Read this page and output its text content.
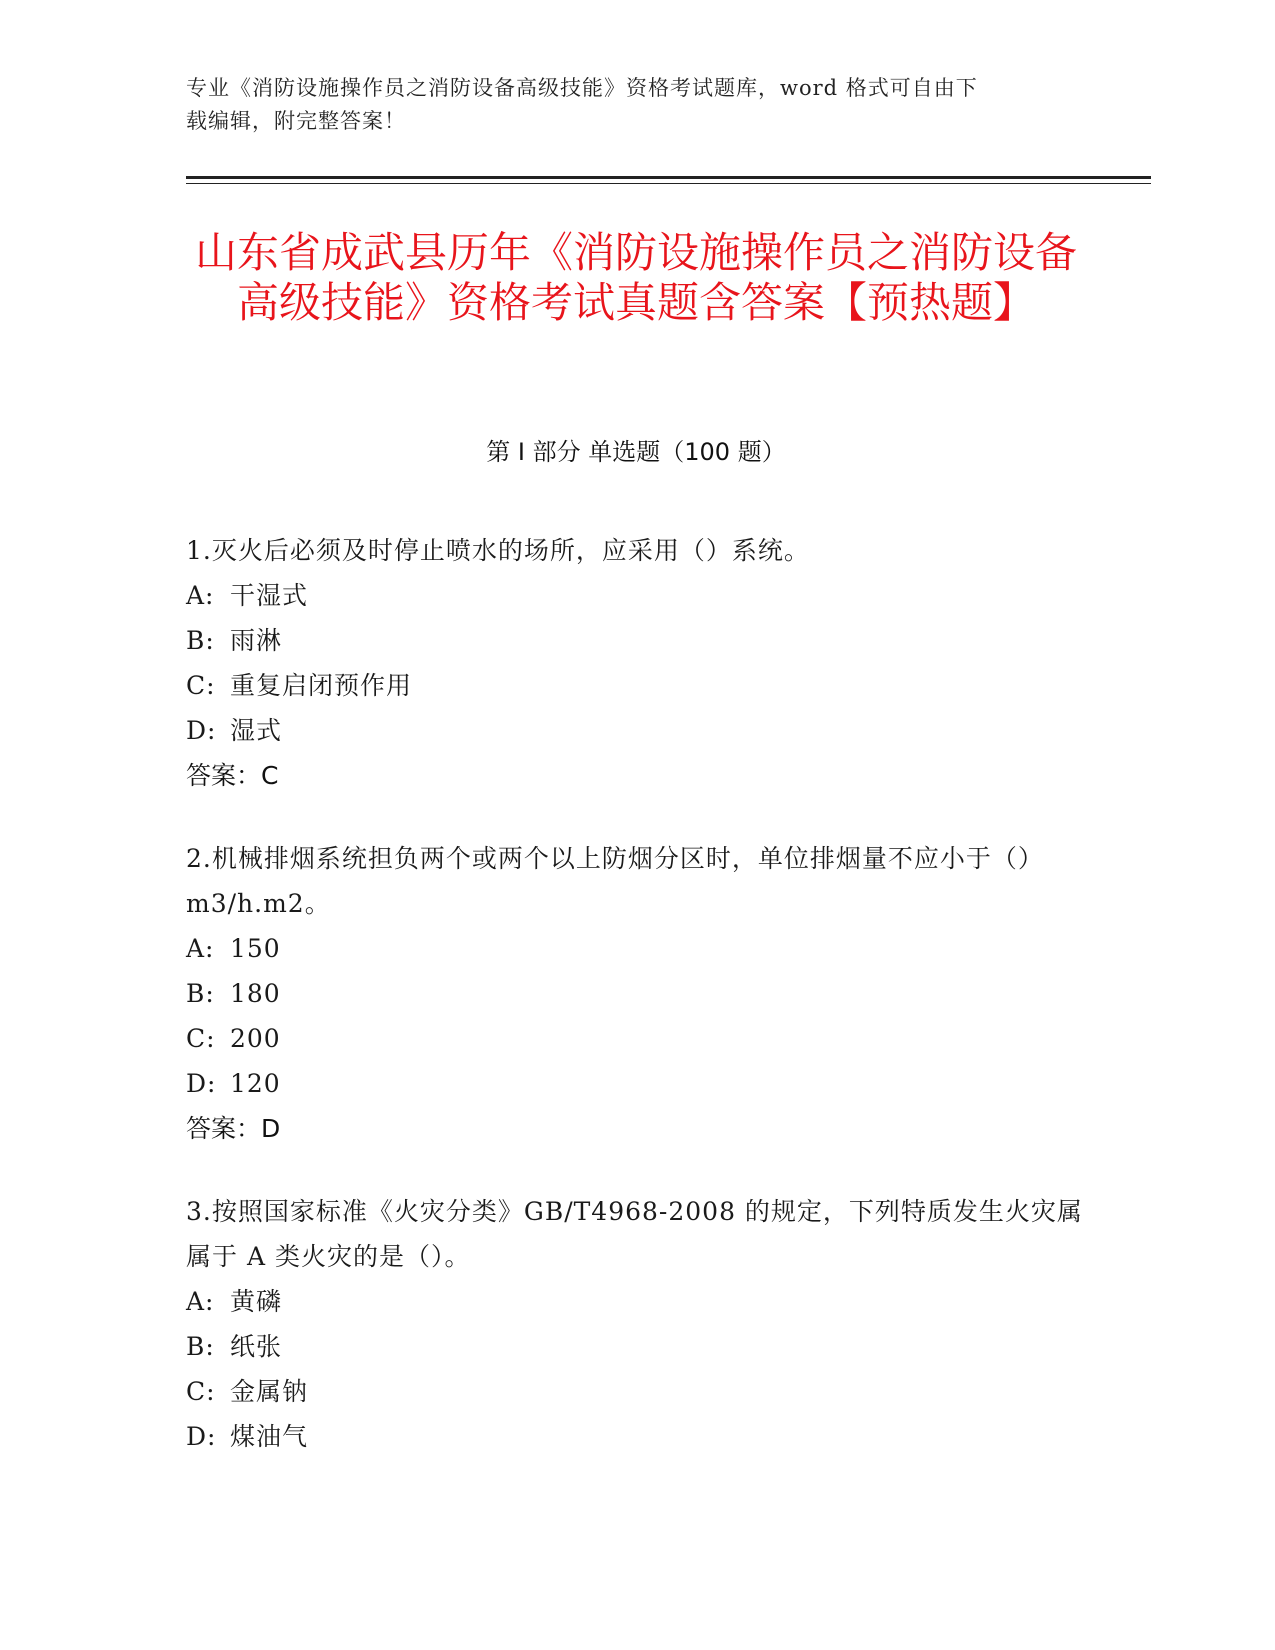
专业《消防设施操作员之消防设备高级技能》资格考试题库，word 格式可自由下
载编辑，附完整答案！
山东省成武县历年《消防设施操作员之消防设备高级技能》资格考试真题含答案【预热题】
第 I 部分 单选题（100 题）
1.灭火后必须及时停止喷水的场所，应采用（）系统。
A: 干湿式
B: 雨淋
C: 重复启闭预作用
D: 湿式
答案：C
2.机械排烟系统担负两个或两个以上防烟分区时，单位排烟量不应小于（）m3/h.m2。
A: 150
B: 180
C: 200
D: 120
答案：D
3.按照国家标准《火灾分类》GB/T4968-2008 的规定，下列特质发生火灾属属于 A 类火灾的是（）。
A: 黄磷
B: 纸张
C: 金属钠
D: 煤油气
